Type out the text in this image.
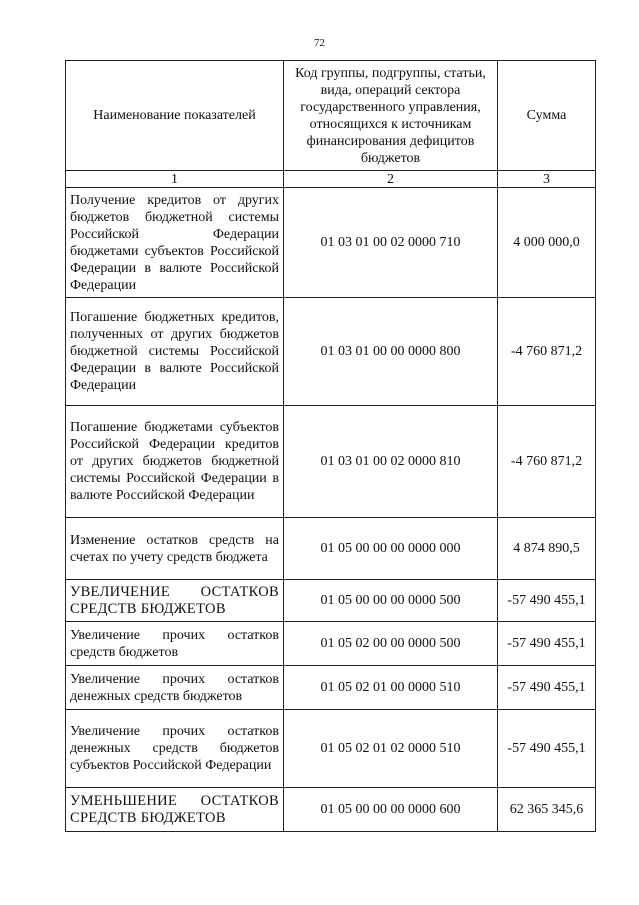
72
Наименование показателей	Код группы, подгруппы, статьи, вида, операций сектора государственного управления, относящихся к источникам финансирования дефицитов бюджетов	Сумма
1	2	3
Получение кредитов от других бюджетов бюджетной системы Российской Федерации бюджетами субъектов Российской Федерации в валюте Российской Федерации	01 03 01 00 02 0000 710	4 000 000,0
Погашение бюджетных кредитов, полученных от других бюджетов бюджетной системы Российской Федерации в валюте Российской Федерации	01 03 01 00 00 0000 800	-4 760 871,2
Погашение бюджетами субъектов Российской Федерации кредитов от других бюджетов бюджетной системы Российской Федерации в валюте Российской Федерации	01 03 01 00 02 0000 810	-4 760 871,2
Изменение остатков средств на счетах по учету средств бюджета	01 05 00 00 00 0000 000	4 874 890,5
УВЕЛИЧЕНИЕ ОСТАТКОВ СРЕДСТВ БЮДЖЕТОВ	01 05 00 00 00 0000 500	-57 490 455,1
Увеличение прочих остатков средств бюджетов	01 05 02 00 00 0000 500	-57 490 455,1
Увеличение прочих остатков денежных средств бюджетов	01 05 02 01 00 0000 510	-57 490 455,1
Увеличение прочих остатков денежных средств бюджетов субъектов Российской Федерации	01 05 02 01 02 0000 510	-57 490 455,1
УМЕНЬШЕНИЕ ОСТАТКОВ СРЕДСТВ БЮДЖЕТОВ	01 05 00 00 00 0000 600	62 365 345,6
